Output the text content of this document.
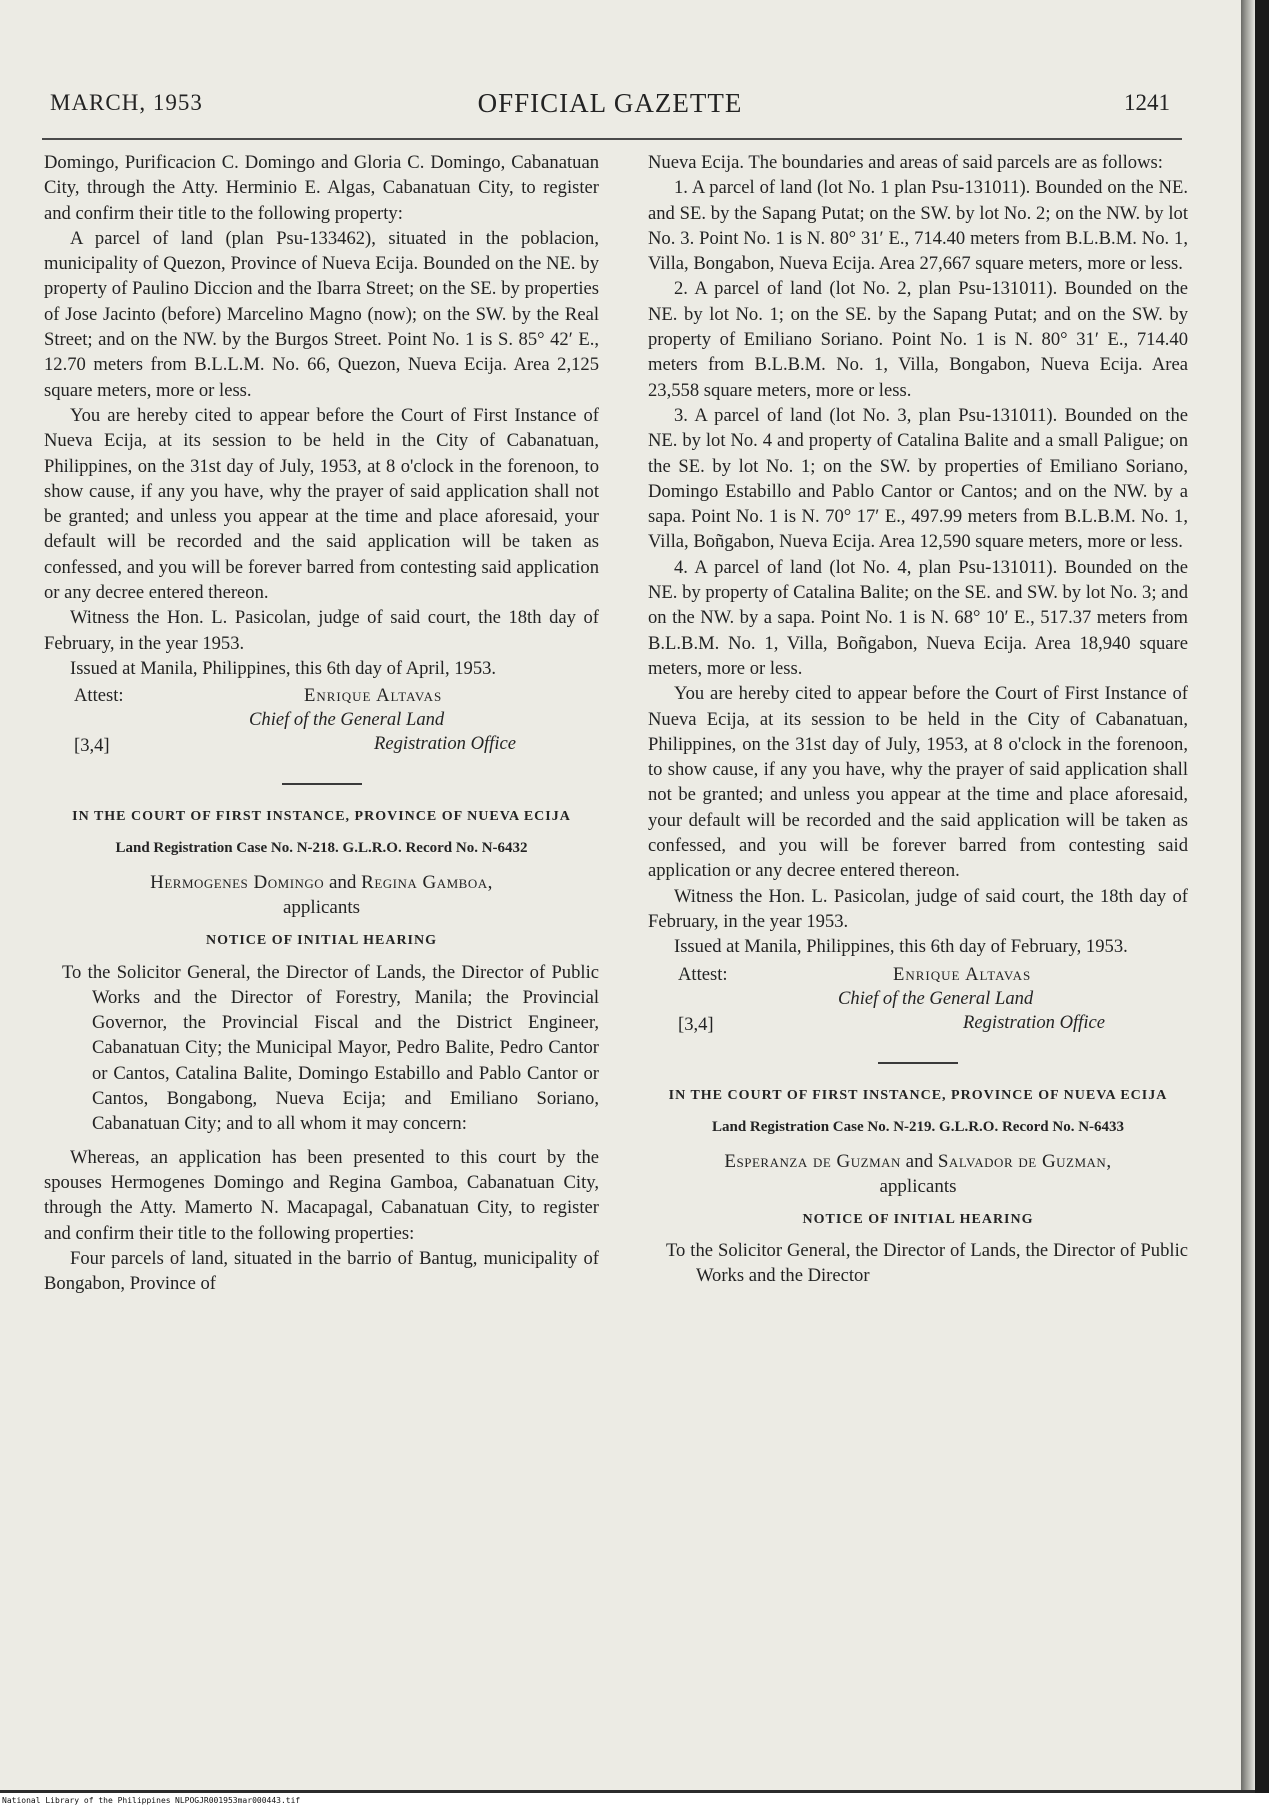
MARCH, 1953	OFFICIAL GAZETTE	1241

Domingo, Purificacion C. Domingo and Gloria C. Domingo, Cabanatuan City, through the Atty. Herminio E. Algas, Cabanatuan City, to register and confirm their title to the following property:

A parcel of land (plan Psu-133462), situated in the poblacion, municipality of Quezon, Province of Nueva Ecija. Bounded on the NE. by property of Paulino Diccion and the Ibarra Street; on the SE. by properties of Jose Jacinto (before) Marcelino Magno (now); on the SW. by the Real Street; and on the NW. by the Burgos Street. Point No. 1 is S. 85° 42′ E., 12.70 meters from B.L.L.M. No. 66, Quezon, Nueva Ecija. Area 2,125 square meters, more or less.

You are hereby cited to appear before the Court of First Instance of Nueva Ecija, at its session to be held in the City of Cabanatuan, Philippines, on the 31st day of July, 1953, at 8 o'clock in the forenoon, to show cause, if any you have, why the prayer of said application shall not be granted; and unless you appear at the time and place aforesaid, your default will be recorded and the said application will be taken as confessed, and you will be forever barred from contesting said application or any decree entered thereon.

Witness the Hon. L. Pasicolan, judge of said court, the 18th day of February, in the year 1953.

Issued at Manila, Philippines, this 6th day of April, 1953.

Attest:	Enrique Altavas
Chief of the General Land
Registration Office
[3,4]
IN THE COURT OF FIRST INSTANCE, PROVINCE OF NUEVA ECIJA
Land Registration Case No. N-218. G.L.R.O. Record No. N-6432
Hermogenes Domingo and Regina Gamboa,
applicants
NOTICE OF INITIAL HEARING

To the Solicitor General, the Director of Lands, the Director of Public Works and the Director of Forestry, Manila; the Provincial Governor, the Provincial Fiscal and the District Engineer, Cabanatuan City; the Municipal Mayor, Pedro Balite, Pedro Cantor or Cantos, Catalina Balite, Domingo Estabillo and Pablo Cantor or Cantos, Bongabong, Nueva Ecija; and Emiliano Soriano, Cabanatuan City; and to all whom it may concern:

Whereas, an application has been presented to this court by the spouses Hermogenes Domingo and Regina Gamboa, Cabanatuan City, through the Atty. Mamerto N. Macapagal, Cabanatuan City, to register and confirm their title to the following properties:

Four parcels of land, situated in the barrio of Bantug, municipality of Bongabon, Province of

Nueva Ecija. The boundaries and areas of said parcels are as follows:

1. A parcel of land (lot No. 1 plan Psu-131011). Bounded on the NE. and SE. by the Sapang Putat; on the SW. by lot No. 2; on the NW. by lot No. 3. Point No. 1 is N. 80° 31′ E., 714.40 meters from B.L.B.M. No. 1, Villa, Bongabon, Nueva Ecija. Area 27,667 square meters, more or less.

2. A parcel of land (lot No. 2, plan Psu-131011). Bounded on the NE. by lot No. 1; on the SE. by the Sapang Putat; and on the SW. by property of Emiliano Soriano. Point No. 1 is N. 80° 31′ E., 714.40 meters from B.L.B.M. No. 1, Villa, Bongabon, Nueva Ecija. Area 23,558 square meters, more or less.

3. A parcel of land (lot No. 3, plan Psu-131011). Bounded on the NE. by lot No. 4 and property of Catalina Balite and a small Paligue; on the SE. by lot No. 1; on the SW. by properties of Emiliano Soriano, Domingo Estabillo and Pablo Cantor or Cantos; and on the NW. by a sapa. Point No. 1 is N. 70° 17′ E., 497.99 meters from B.L.B.M. No. 1, Villa, Boñgabon, Nueva Ecija. Area 12,590 square meters, more or less.

4. A parcel of land (lot No. 4, plan Psu-131011). Bounded on the NE. by property of Catalina Balite; on the SE. and SW. by lot No. 3; and on the NW. by a sapa. Point No. 1 is N. 68° 10′ E., 517.37 meters from B.L.B.M. No. 1, Villa, Boñgabon, Nueva Ecija. Area 18,940 square meters, more or less.

You are hereby cited to appear before the Court of First Instance of Nueva Ecija, at its session to be held in the City of Cabanatuan, Philippines, on the 31st day of July, 1953, at 8 o'clock in the forenoon, to show cause, if any you have, why the prayer of said application shall not be granted; and unless you appear at the time and place aforesaid, your default will be recorded and the said application will be taken as confessed, and you will be forever barred from contesting said application or any decree entered thereon.

Witness the Hon. L. Pasicolan, judge of said court, the 18th day of February, in the year 1953.

Issued at Manila, Philippines, this 6th day of February, 1953.

Attest:	Enrique Altavas
Chief of the General Land
Registration Office
[3,4]
IN THE COURT OF FIRST INSTANCE, PROVINCE OF NUEVA ECIJA
Land Registration Case No. N-219. G.L.R.O. Record No. N-6433
Esperanza de Guzman and Salvador de Guzman,
applicants
NOTICE OF INITIAL HEARING

To the Solicitor General, the Director of Lands, the Director of Public Works and the Director

National Library of the Philippines NLPOGJR001953mar000443.tif
